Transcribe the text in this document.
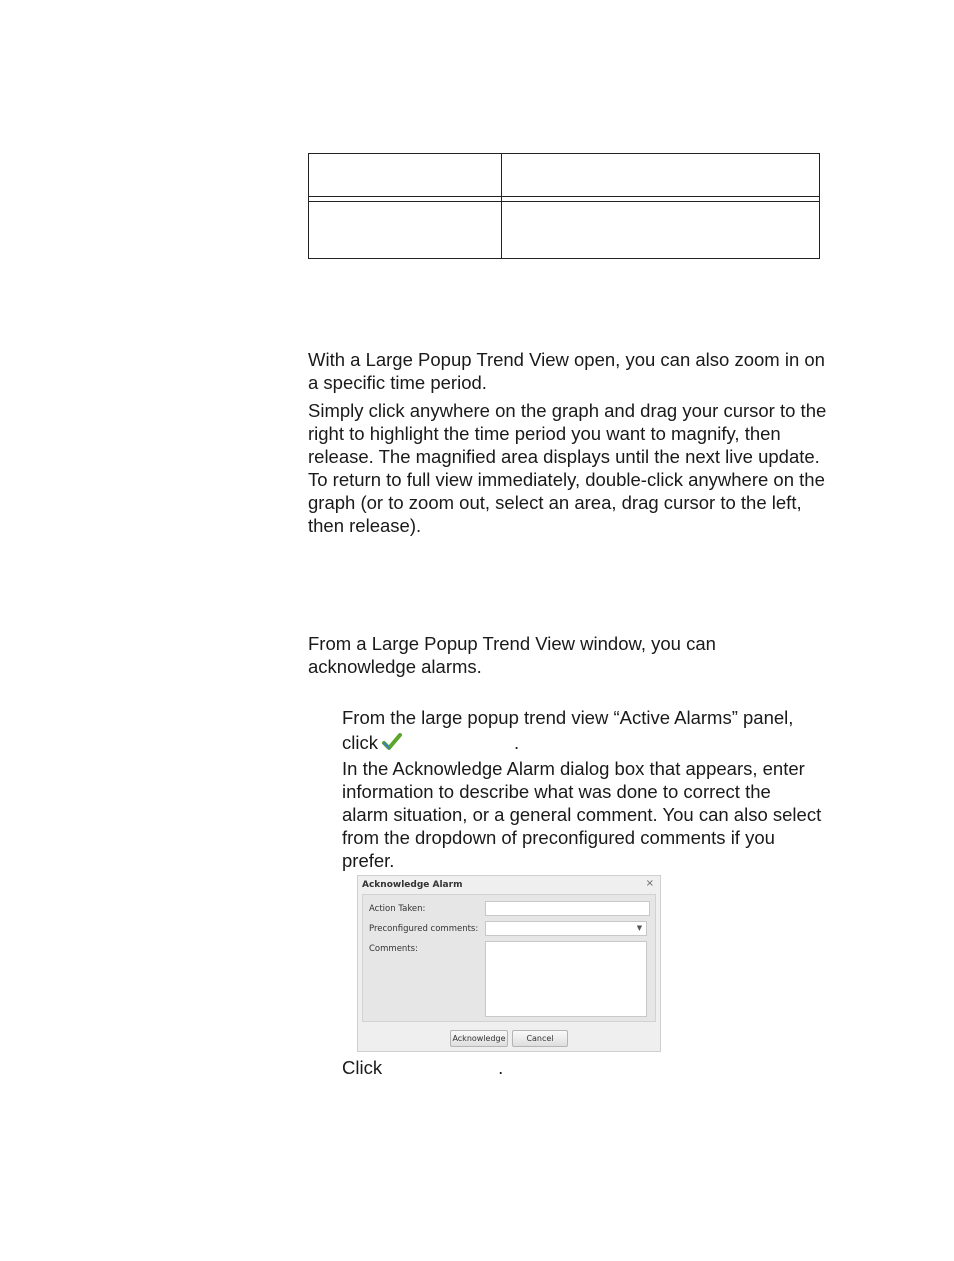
With a Large Popup Trend View open, you can also zoom in on a specific time period.

Simply click anywhere on the graph and drag your cursor to the right to highlight the time period you want to magnify, then release. The magnified area displays until the next live update. To return to full view immediately, double-click anywhere on the graph (or to zoom out, select an area, drag cursor to the left, then release).

From a Large Popup Trend View window, you can acknowledge alarms.

From the large popup trend view “Active Alarms” panel,

click	.

In the Acknowledge Alarm dialog box that appears, enter information to describe what was done to correct the alarm situation, or a general comment. You can also select from the dropdown of preconfigured comments if you prefer.

Acknowledge Alarm	×
Action Taken:
Preconfigured comments:	▼
Comments:
Acknowledge	Cancel

Click	.
